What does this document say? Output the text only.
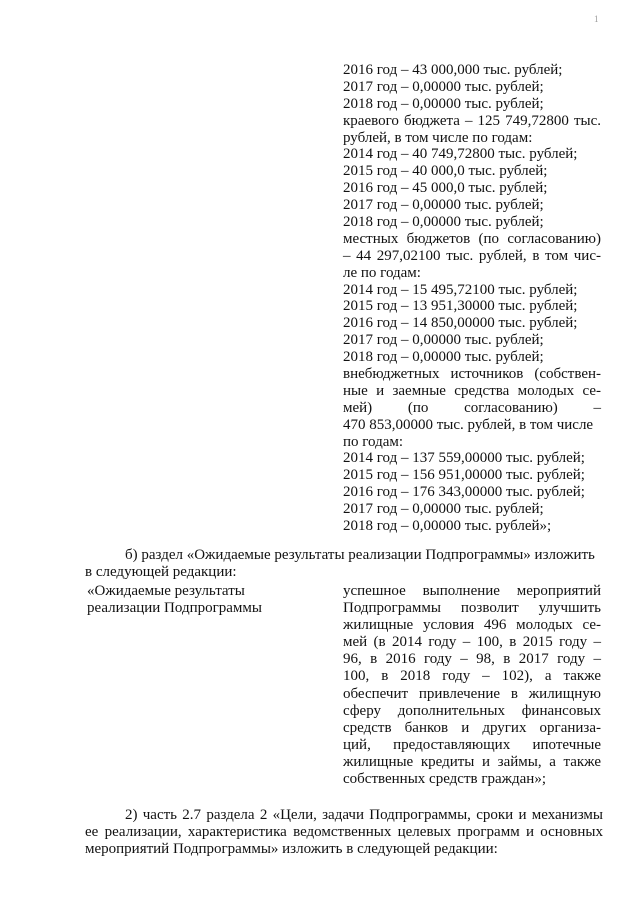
1
2016 год – 43 000,000 тыс. рублей;
2017 год – 0,00000 тыс. рублей;
2018 год – 0,00000 тыс. рублей;
краевого бюджета – 125 749,72800 тыс.
рублей, в том числе по годам:
2014 год – 40 749,72800 тыс. рублей;
2015 год – 40 000,0 тыс. рублей;
2016 год – 45 000,0 тыс. рублей;
2017 год – 0,00000 тыс. рублей;
2018 год – 0,00000 тыс. рублей;
местных бюджетов (по согласованию)
– 44 297,02100 тыс. рублей, в том чис-
ле по годам:
2014 год – 15 495,72100 тыс. рублей;
2015 год – 13 951,30000 тыс. рублей;
2016 год – 14 850,00000 тыс. рублей;
2017 год – 0,00000 тыс. рублей;
2018 год – 0,00000 тыс. рублей;
внебюджетных источников (собствен-
ные и заемные средства молодых се-
мей) (по согласованию) –
470 853,00000 тыс. рублей, в том числе
по годам:
2014 год – 137 559,00000 тыс. рублей;
2015 год – 156 951,00000 тыс. рублей;
2016 год – 176 343,00000 тыс. рублей;
2017 год – 0,00000 тыс. рублей;
2018 год – 0,00000 тыс. рублей»;
б) раздел «Ожидаемые результаты реализации Подпрограммы» изложить
в следующей редакции:
«Ожидаемые результаты
реализации Подпрограммы
успешное выполнение мероприятий
Подпрограммы позволит улучшить
жилищные условия 496 молодых се-
мей (в 2014 году – 100, в 2015 году –
96, в 2016 году – 98, в 2017 году –
100, в 2018 году – 102), а также
обеспечит привлечение в жилищную
сферу дополнительных финансовых
средств банков и других организа-
ций, предоставляющих ипотечные
жилищные кредиты и займы, а также
собственных средств граждан»;
2) часть 2.7 раздела 2 «Цели, задачи Подпрограммы, сроки и механизмы
ее реализации, характеристика ведомственных целевых программ и основных
мероприятий Подпрограммы» изложить в следующей редакции:
